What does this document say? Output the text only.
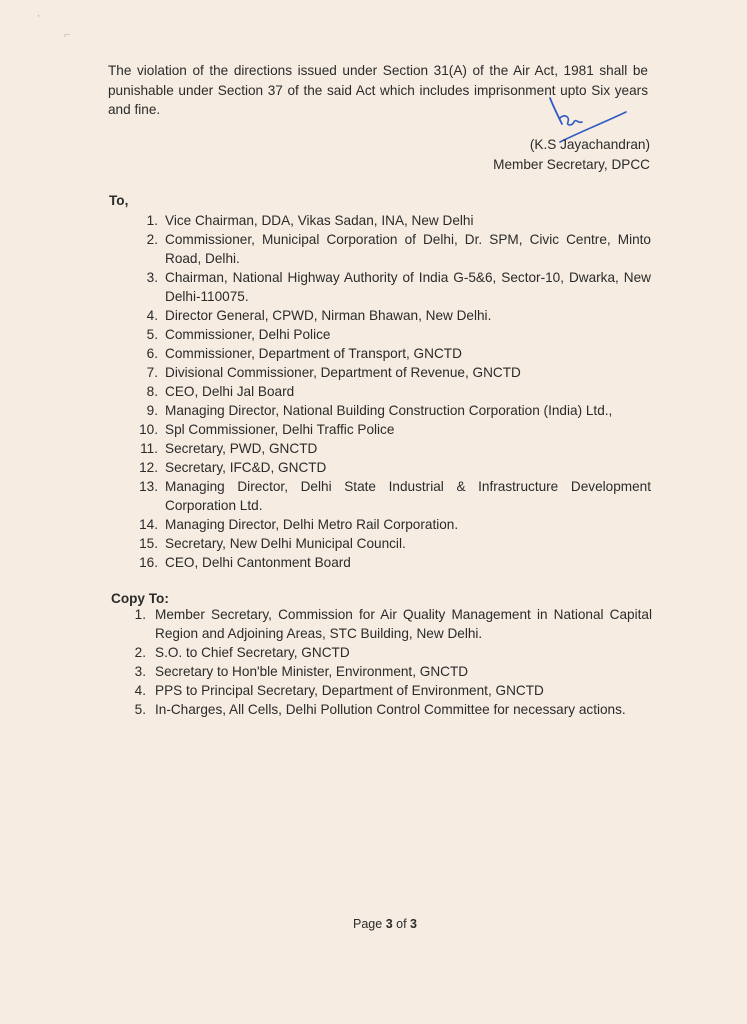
,
⌐

The violation of the directions issued under Section 31(A) of the Air Act, 1981 shall be punishable under Section 37 of the said Act which includes imprisonment upto Six years and fine.

(K.S Jayachandran)
Member Secretary, DPCC
To,
1. Vice Chairman, DDA, Vikas Sadan, INA, New Delhi
2. Commissioner, Municipal Corporation of Delhi, Dr. SPM, Civic Centre, Minto Road, Delhi.
3. Chairman, National Highway Authority of India G-5&6, Sector-10, Dwarka, New Delhi-110075.
4. Director General, CPWD, Nirman Bhawan, New Delhi.
5. Commissioner, Delhi Police
6. Commissioner, Department of Transport, GNCTD
7. Divisional Commissioner, Department of Revenue, GNCTD
8. CEO, Delhi Jal Board
9. Managing Director, National Building Construction Corporation (India) Ltd.,
10. Spl Commissioner, Delhi Traffic Police
11. Secretary, PWD, GNCTD
12. Secretary, IFC&D, GNCTD
13. Managing Director, Delhi State Industrial & Infrastructure Development Corporation Ltd.
14. Managing Director, Delhi Metro Rail Corporation.
15. Secretary, New Delhi Municipal Council.
16. CEO, Delhi Cantonment Board
Copy To:
1. Member Secretary, Commission for Air Quality Management in National Capital Region and Adjoining Areas, STC Building, New Delhi.
2. S.O. to Chief Secretary, GNCTD
3. Secretary to Hon'ble Minister, Environment, GNCTD
4. PPS to Principal Secretary, Department of Environment, GNCTD
5. In-Charges, All Cells, Delhi Pollution Control Committee for necessary actions.
Page 3 of 3
